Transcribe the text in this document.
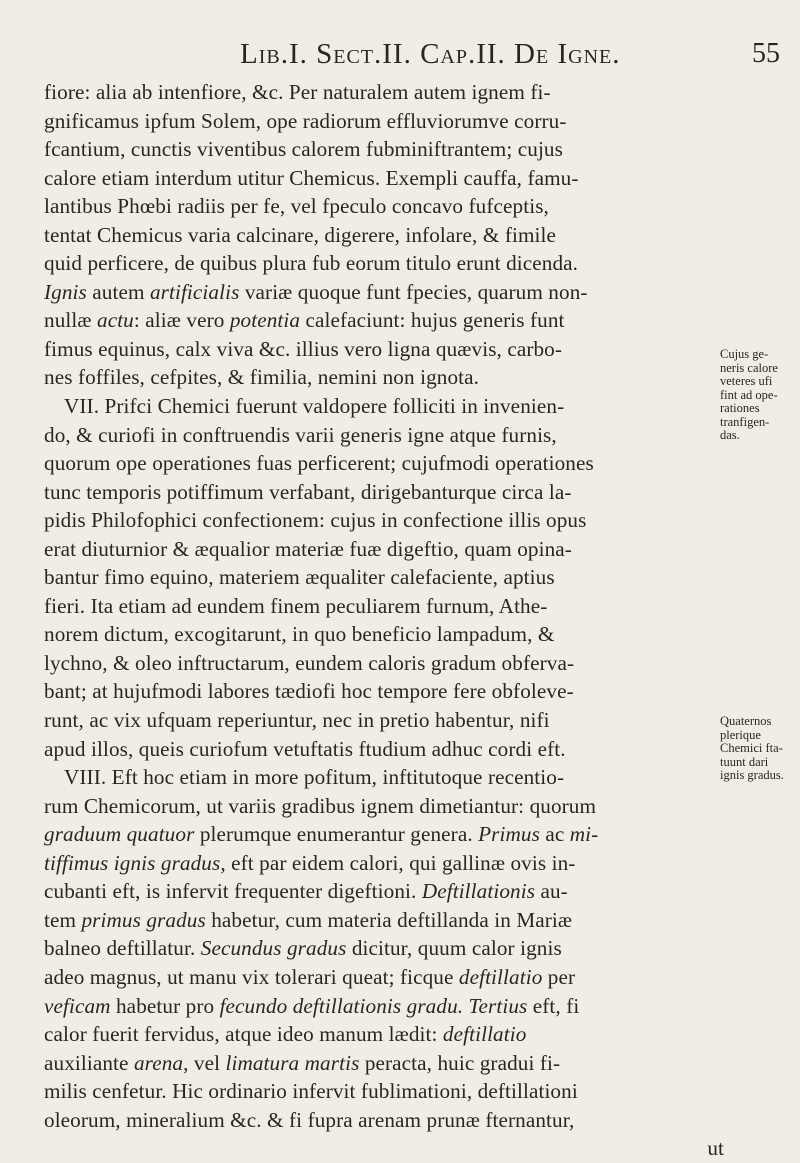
Lib.I. Sect.II. Cap.II. De Igne.	55
fiore: alia ab intenfiore, &c. Per naturalem autem ignem fi-
gnificamus ipfum Solem, ope radiorum effluviorumve corru-
fcantium, cunctis viventibus calorem fubminiftrantem; cujus
calore etiam interdum utitur Chemicus. Exempli cauffa, famu-
lantibus Phœbi radiis per fe, vel fpeculo concavo fufceptis,
tentat Chemicus varia calcinare, digerere, infolare, & fimile
quid perficere, de quibus plura fub eorum titulo erunt dicenda.
Ignis autem artificialis variæ quoque funt fpecies, quarum non-
nullæ actu: aliæ vero potentia calefaciunt: hujus generis funt
fimus equinus, calx viva &c. illius vero ligna quævis, carbo-
nes foffiles, cefpites, & fimilia, nemini non ignota.
VII. Prifci Chemici fuerunt valdopere folliciti in invenien-
do, & curiofi in conftruendis varii generis igne atque furnis,
quorum ope operationes fuas perficerent; cujufmodi operationes
tunc temporis potiffimum verfabant, dirigebanturque circa la-
pidis Philofophici confectionem: cujus in confectione illis opus
erat diuturnior & æqualior materiæ fuæ digeftio, quam opina-
bantur fimo equino, materiem æqualiter calefaciente, aptius
fieri. Ita etiam ad eundem finem peculiarem furnum, Athe-
norem dictum, excogitarunt, in quo beneficio lampadum, &
lychno, & oleo inftructarum, eundem caloris gradum obferva-
bant; at hujufmodi labores tædiofi hoc tempore fere obfoleve-
runt, ac vix ufquam reperiuntur, nec in pretio habentur, nifi
apud illos, queis curiofum vetuftatis ftudium adhuc cordi eft.
VIII. Eft hoc etiam in more pofitum, inftitutoque recentio-
rum Chemicorum, ut variis gradibus ignem dimetiantur: quorum
graduum quatuor plerumque enumerantur genera. Primus ac mi-
tiffimus ignis gradus, eft par eidem calori, qui gallinæ ovis in-
cubanti eft, is infervit frequenter digeftioni. Deftillationis au-
tem primus gradus habetur, cum materia deftillanda in Mariæ
balneo deftillatur. Secundus gradus dicitur, quum calor ignis
adeo magnus, ut manu vix tolerari queat; ficque deftillatio per
veficam habetur pro fecundo deftillationis gradu. Tertius eft, fi
calor fuerit fervidus, atque ideo manum lædit: deftillatio
auxiliante arena, vel limatura martis peracta, huic gradui fi-
milis cenfetur. Hic ordinario infervit fublimationi, deftillationi
oleorum, mineralium &c. & fi fupra arenam prunæ fternantur,
ut
Cujus ge-
neris calore
veteres ufi
fint ad ope-
rationes
tranfigen-
das.
Quaternos
plerique
Chemici fta-
tuunt dari
ignis gradus.
